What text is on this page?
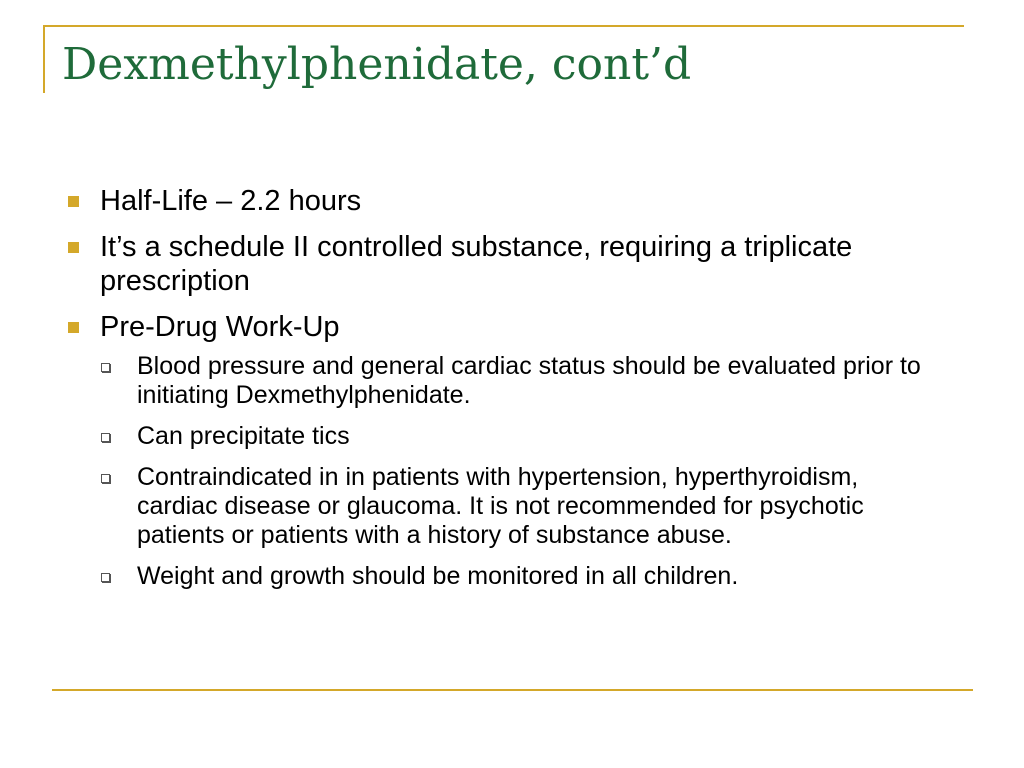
Dexmethylphenidate, cont’d
Half-Life – 2.2 hours
It’s a schedule II controlled substance, requiring a triplicate prescription
Pre-Drug Work-Up
Blood pressure and general cardiac status should be evaluated prior to initiating Dexmethylphenidate.
Can precipitate tics
Contraindicated in in patients with hypertension, hyperthyroidism, cardiac disease or glaucoma. It is not recommended for psychotic patients or patients with a history of substance abuse.
Weight and growth should be monitored in all children.
